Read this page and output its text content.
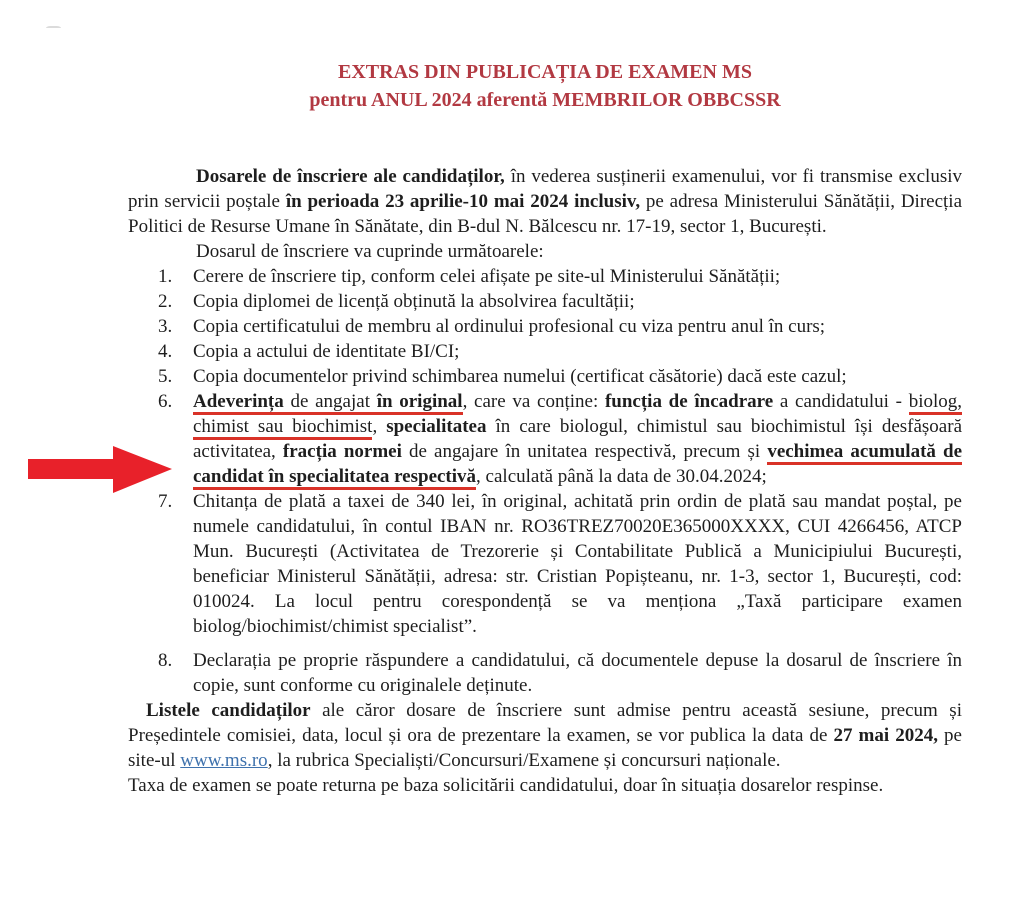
EXTRAS DIN PUBLICAȚIA DE EXAMEN MS
pentru ANUL 2024 aferentă MEMBRILOR OBBCSSR

Dosarele de înscriere ale candidaților, în vederea susținerii examenului, vor fi transmise exclusiv prin servicii poștale în perioada 23 aprilie-10 mai 2024 inclusiv, pe adresa Ministerului Sănătății, Direcția Politici de Resurse Umane în Sănătate, din B-dul N. Bălcescu nr. 17-19, sector 1, București.

Dosarul de înscriere va cuprinde următoarele:

1. Cerere de înscriere tip, conform celei afișate pe site-ul Ministerului Sănătății;
2. Copia diplomei de licență obținută la absolvirea facultății;
3. Copia certificatului de membru al ordinului profesional cu viza pentru anul în curs;
4. Copia a actului de identitate BI/CI;
5. Copia documentelor privind schimbarea numelui (certificat căsătorie) dacă este cazul;
6. Adeverința de angajat în original, care va conține: funcția de încadrare a candidatului - biolog, chimist sau biochimist, specialitatea în care biologul, chimistul sau biochimistul își desfășoară activitatea, fracția normei de angajare în unitatea respectivă, precum și vechimea acumulată de candidat în specialitatea respectivă, calculată până la data de 30.04.2024;
7. Chitanța de plată a taxei de 340 lei, în original, achitată prin ordin de plată sau mandat poștal, pe numele candidatului, în contul IBAN nr. RO36TREZ70020E365000XXXX, CUI 4266456, ATCP Mun. București (Activitatea de Trezorerie și Contabilitate Publică a Municipiului București, beneficiar Ministerul Sănătății, adresa: str. Cristian Popișteanu, nr. 1-3, sector 1, București, cod: 010024. La locul pentru corespondență se va menționa „Taxă participare examen biolog/biochimist/chimist specialist”.
8. Declarația pe proprie răspundere a candidatului, că documentele depuse la dosarul de înscriere în copie, sunt conforme cu originalele deținute.

Listele candidaților ale căror dosare de înscriere sunt admise pentru această sesiune, precum și Președintele comisiei, data, locul și ora de prezentare la examen, se vor publica la data de 27 mai 2024, pe site-ul www.ms.ro, la rubrica Specialiști/Concursuri/Examene și concursuri naționale.

Taxa de examen se poate returna pe baza solicitării candidatului, doar în situația dosarelor respinse.
